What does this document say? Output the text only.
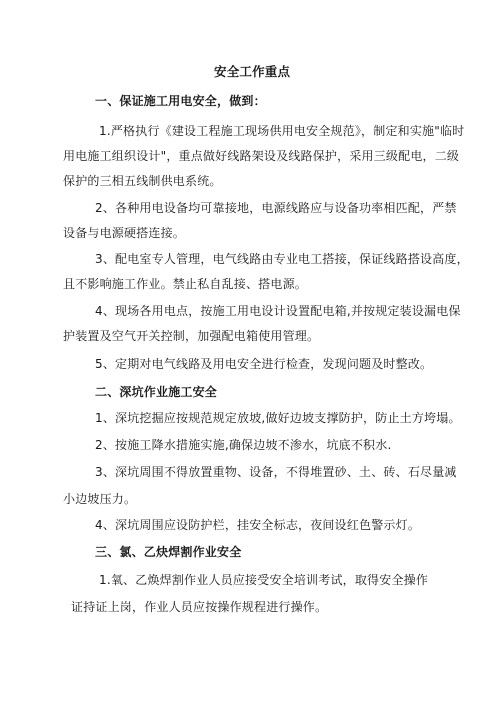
安全工作重点
一、保证施工用电安全，做到：
1.严格执行《建设工程施工现场供用电安全规范》，制定和实施"临时
用电施工组织设计"，重点做好线路架设及线路保护，采用三级配电，二级
保护的三相五线制供电系统。
2、各种用电设备均可靠接地，电源线路应与设备功率相匹配，严禁
设备与电源硬搭连接。
3、配电室专人管理，电气线路由专业电工搭接，保证线路搭设高度，
且不影响施工作业。禁止私自乱接、搭电源。
4、现场各用电点，按施工用电设计设置配电箱,并按规定装设漏电保
护装置及空气开关控制，加强配电箱使用管理。
5、定期对电气线路及用电安全进行检查，发现问题及时整改。
二、深坑作业施工安全
1、深坑挖掘应按规范规定放坡,做好边坡支撑防护，防止土方垮塌。
2、按施工降水措施实施,确保边坡不渗水，坑底不积水.
3、深坑周围不得放置重物、设备，不得堆置砂、土、砖、石尽量减
小边坡压力。
4、深坑周围应设防护栏，挂安全标志，夜间设红色警示灯。
三、氯、乙炔焊割作业安全
1.氧、乙焕焊割作业人员应接受安全培训考试，取得安全操作
证持证上岗，作业人员应按操作规程进行操作。
